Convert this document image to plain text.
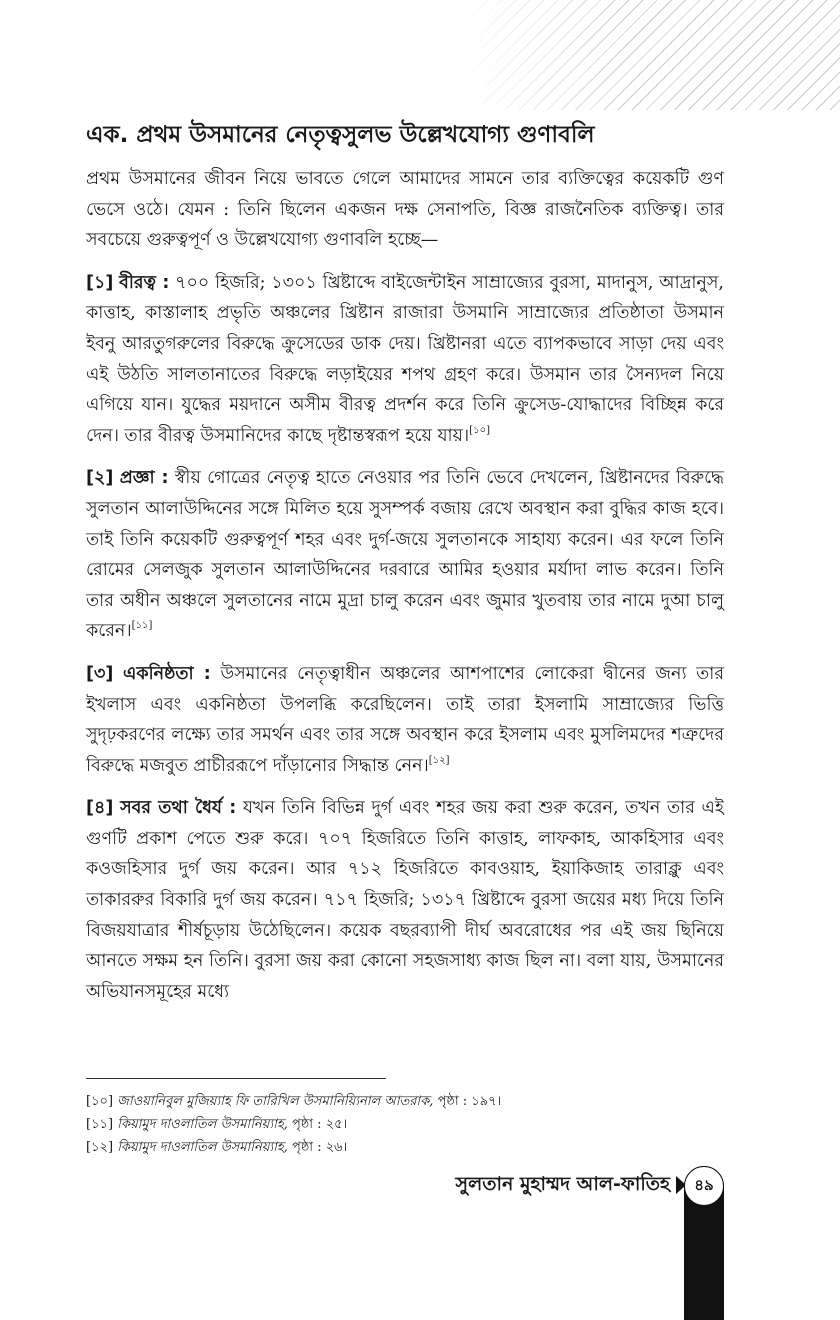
এক. প্রথম উসমানের নেতৃত্বসুলভ উল্লেখযোগ্য গুণাবলি

প্রথম উসমানের জীবন নিয়ে ভাবতে গেলে আমাদের সামনে তার ব্যক্তিত্বের কয়েকটি গুণ ভেসে ওঠে। যেমন : তিনি ছিলেন একজন দক্ষ সেনাপতি, বিজ্ঞ রাজনৈতিক ব্যক্তিত্ব। তার সবচেয়ে গুরুত্বপূর্ণ ও উল্লেখযোগ্য গুণাবলি হচ্ছে—

[১] বীরত্ব : ৭০০ হিজরি; ১৩০১ খ্রিষ্টাব্দে বাইজেন্টাইন সাম্রাজ্যের বুরসা, মাদানুস, আদ্রানুস, কাত্তাহ, কাস্তালাহ প্রভৃতি অঞ্চলের খ্রিষ্টান রাজারা উসমানি সাম্রাজ্যের প্রতিষ্ঠাতা উসমান ইবনু আরতুগরুলের বিরুদ্ধে ক্রুসেডের ডাক দেয়। খ্রিষ্টানরা এতে ব্যাপকভাবে সাড়া দেয় এবং এই উঠতি সালতানাতের বিরুদ্ধে লড়াইয়ের শপথ গ্রহণ করে। উসমান তার সৈন্যদল নিয়ে এগিয়ে যান। যুদ্ধের ময়দানে অসীম বীরত্ব প্রদর্শন করে তিনি ক্রুসেড-যোদ্ধাদের বিচ্ছিন্ন করে দেন। তার বীরত্ব উসমানিদের কাছে দৃষ্টান্তস্বরূপ হয়ে যায়।[১০]

[২] প্রজ্ঞা : স্বীয় গোত্রের নেতৃত্ব হাতে নেওয়ার পর তিনি ভেবে দেখলেন, খ্রিষ্টানদের বিরুদ্ধে সুলতান আলাউদ্দিনের সঙ্গে মিলিত হয়ে সুসম্পর্ক বজায় রেখে অবস্থান করা বুদ্ধির কাজ হবে। তাই তিনি কয়েকটি গুরুত্বপূর্ণ শহর এবং দুর্গ-জয়ে সুলতানকে সাহায্য করেন। এর ফলে তিনি রোমের সেলজুক সুলতান আলাউদ্দিনের দরবারে আমির হওয়ার মর্যাদা লাভ করেন। তিনি তার অধীন অঞ্চলে সুলতানের নামে মুদ্রা চালু করেন এবং জুমার খুতবায় তার নামে দুআ চালু করেন।[১১]

[৩] একনিষ্ঠতা : উসমানের নেতৃত্বাধীন অঞ্চলের আশপাশের লোকেরা দ্বীনের জন্য তার ইখলাস এবং একনিষ্ঠতা উপলব্ধি করেছিলেন। তাই তারা ইসলামি সাম্রাজ্যের ভিত্তি সুদৃঢ়করণের লক্ষ্যে তার সমর্থন এবং তার সঙ্গে অবস্থান করে ইসলাম এবং মুসলিমদের শত্রুদের বিরুদ্ধে মজবুত প্রাচীররূপে দাঁড়ানোর সিদ্ধান্ত নেন।[১২]

[৪] সবর তথা ধৈর্য : যখন তিনি বিভিন্ন দুর্গ এবং শহর জয় করা শুরু করেন, তখন তার এই গুণটি প্রকাশ পেতে শুরু করে। ৭০৭ হিজরিতে তিনি কাত্তাহ, লাফকাহ, আকহিসার এবং কওজহিসার দুর্গ জয় করেন। আর ৭১২ হিজরিতে কাবওয়াহ, ইয়াকিজাহ তারাক্লু এবং তাকাররুর বিকারি দুর্গ জয় করেন। ৭১৭ হিজরি; ১৩১৭ খ্রিষ্টাব্দে বুরসা জয়ের মধ্য দিয়ে তিনি বিজয়যাত্রার শীর্ষচূড়ায় উঠেছিলেন। কয়েক বছরব্যাপী দীর্ঘ অবরোধের পর এই জয় ছিনিয়ে আনতে সক্ষম হন তিনি। বুরসা জয় করা কোনো সহজসাধ্য কাজ ছিল না। বলা যায়, উসমানের অভিযানসমূহের মধ্যে

[১০] জাওয়ানিবুল মুজিয়্যাহ ফি তারিখিল উসমানিয়্যিনাল আতরাক, পৃষ্ঠা : ১৯৭।
[১১] কিয়ামুদ দাওলাতিল উসমানিয়্যাহ, পৃষ্ঠা : ২৫।
[১২] কিয়ামুদ দাওলাতিল উসমানিয়্যাহ, পৃষ্ঠা : ২৬।
সুলতান মুহাম্মদ আল-ফাতিহ	৪৯
